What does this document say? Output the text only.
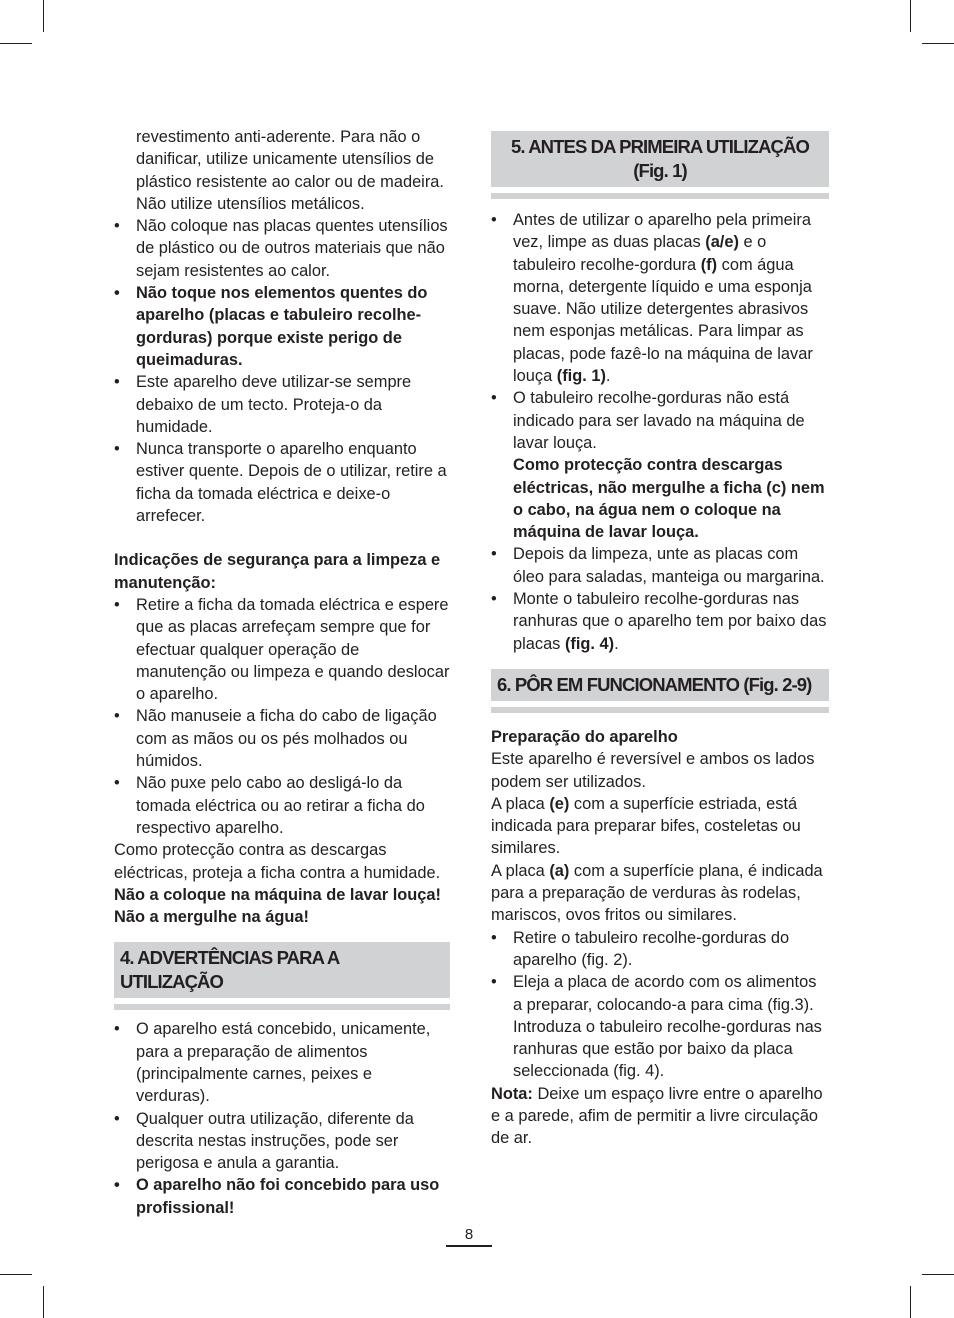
revestimento anti-aderente. Para não o danificar, utilize unicamente utensílios de plástico resistente ao calor ou de madeira. Não utilize utensílios metálicos.

• Não coloque nas placas quentes utensílios de plástico ou de outros materiais que não sejam resistentes ao calor.

• Não toque nos elementos quentes do aparelho (placas e tabuleiro recolhe-gorduras) porque existe perigo de queimaduras.

• Este aparelho deve utilizar-se sempre debaixo de um tecto. Proteja-o da humidade.

• Nunca transporte o aparelho enquanto estiver quente. Depois de o utilizar, retire a ficha da tomada eléctrica e deixe-o arrefecer.

Indicações de segurança para a limpeza e manutenção:

• Retire a ficha da tomada eléctrica e espere que as placas arrefeçam sempre que for efectuar qualquer operação de manutenção ou limpeza e quando deslocar o aparelho.

• Não manuseie a ficha do cabo de ligação com as mãos ou os pés molhados ou húmidos.

• Não puxe pelo cabo ao desligá-lo da tomada eléctrica ou ao retirar a ficha do respectivo aparelho.

Como protecção contra as descargas eléctricas, proteja a ficha contra a humidade.

Não a coloque na máquina de lavar louça!

Não a mergulhe na água!

4. ADVERTÊNCIAS PARA A UTILIZAÇÃO

• O aparelho está concebido, unicamente, para a preparação de alimentos (principalmente carnes, peixes e verduras).

• Qualquer outra utilização, diferente da descrita nestas instruções, pode ser perigosa e anula a garantia.

• O aparelho não foi concebido para uso profissional!

5. ANTES DA PRIMEIRA UTILIZAÇÃO
(Fig. 1)

• Antes de utilizar o aparelho pela primeira vez, limpe as duas placas (a/e) e o tabuleiro recolhe-gordura (f) com água morna, detergente líquido e uma esponja suave. Não utilize detergentes abrasivos nem esponjas metálicas. Para limpar as placas, pode fazê-lo na máquina de lavar louça (fig. 1).

• O tabuleiro recolhe-gorduras não está indicado para ser lavado na máquina de lavar louça.
Como protecção contra descargas eléctricas, não mergulhe a ficha (c) nem o cabo, na água nem o coloque na máquina de lavar louça.

• Depois da limpeza, unte as placas com óleo para saladas, manteiga ou margarina.

• Monte o tabuleiro recolhe-gorduras nas ranhuras que o aparelho tem por baixo das placas (fig. 4).

6. PÔR EM FUNCIONAMENTO (Fig. 2-9)

Preparação do aparelho

Este aparelho é reversível e ambos os lados podem ser utilizados.

A placa (e) com a superfície estriada, está indicada para preparar bifes, costeletas ou similares.

A placa (a) com a superfície plana, é indicada para a preparação de verduras às rodelas, mariscos, ovos fritos ou similares.

• Retire o tabuleiro recolhe-gorduras do aparelho (fig. 2).

• Eleja a placa de acordo com os alimentos a preparar, colocando-a para cima (fig.3). Introduza o tabuleiro recolhe-gorduras nas ranhuras que estão por baixo da placa seleccionada (fig. 4).

Nota: Deixe um espaço livre entre o aparelho e a parede, afim de permitir a livre circulação de ar.

8
